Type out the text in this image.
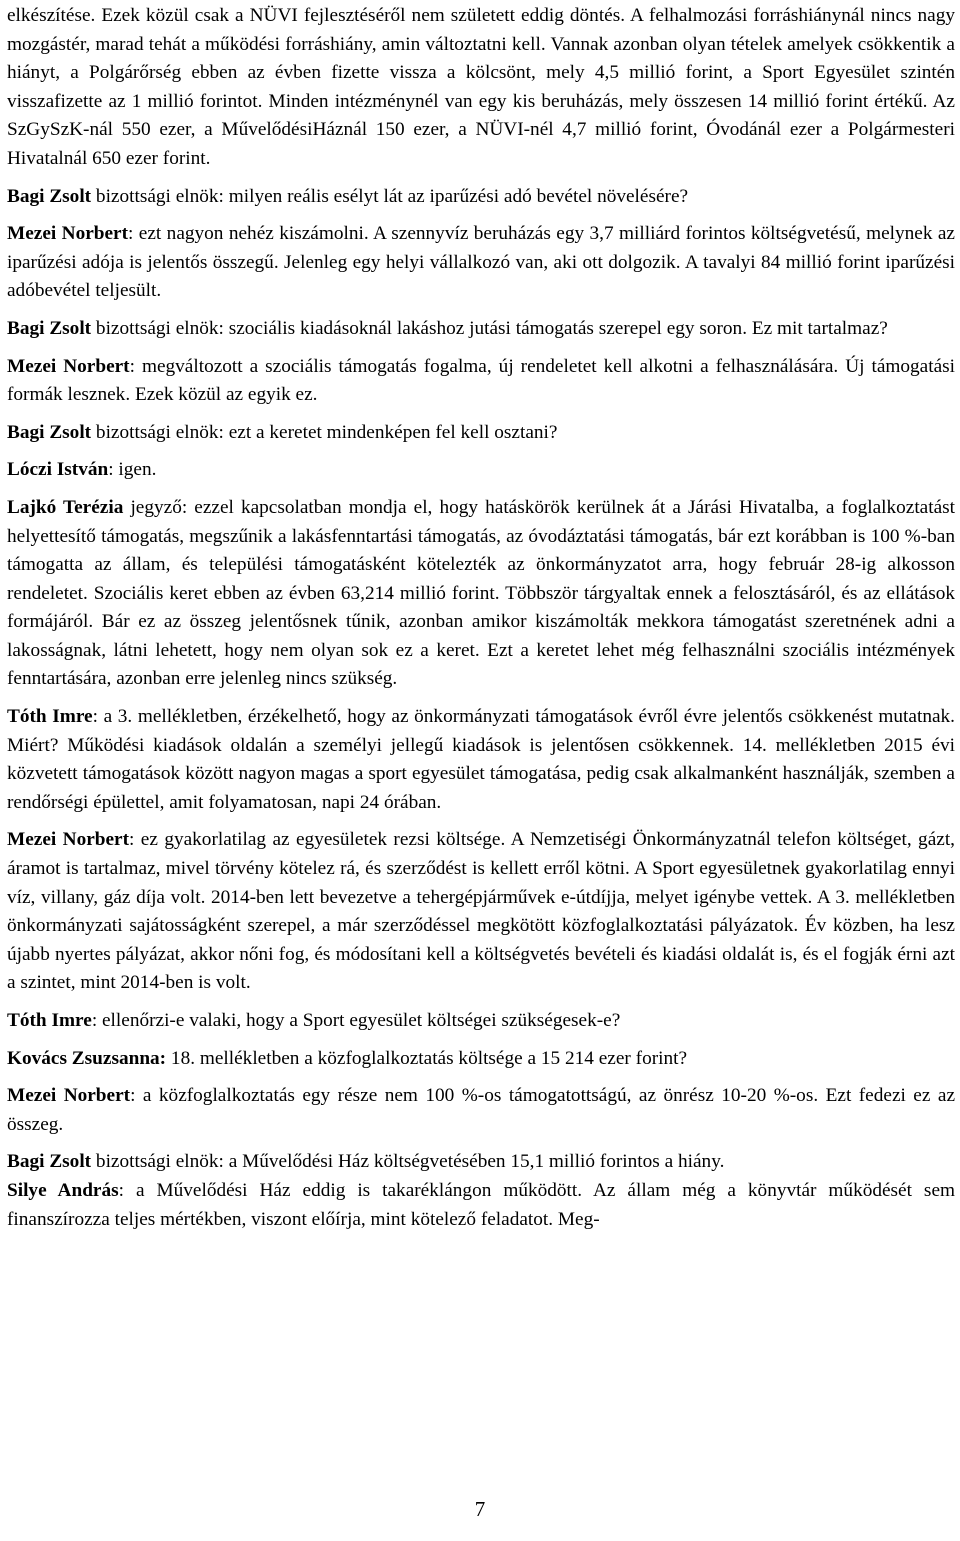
elkészítése. Ezek közül csak a NÜVI fejlesztéséről nem született eddig döntés. A felhalmozási forráshiánynál nincs nagy mozgástér, marad tehát a működési forráshiány, amin változtatni kell. Vannak azonban olyan tételek amelyek csökkentik a hiányt, a Polgárőrség ebben az évben fizette vissza a kölcsönt, mely 4,5 millió forint, a Sport Egyesület szintén visszafizette az 1 millió forintot. Minden intézménynél van egy kis beruházás, mely összesen 14 millió forint értékű. Az SzGySzK-nál 550 ezer, a MűvelődésiHáznál 150 ezer, a NÜVI-nél 4,7 millió forint, Óvodánál ezer a Polgármesteri Hivatalnál 650 ezer forint.

Bagi Zsolt bizottsági elnök: milyen reális esélyt lát az iparűzési adó bevétel növelésére?

Mezei Norbert: ezt nagyon nehéz kiszámolni. A szennyvíz beruházás egy 3,7 milliárd forintos költségvetésű, melynek az iparűzési adója is jelentős összegű. Jelenleg egy helyi vállalkozó van, aki ott dolgozik. A tavalyi 84 millió forint iparűzési adóbevétel teljesült.

Bagi Zsolt bizottsági elnök: szociális kiadásoknál lakáshoz jutási támogatás szerepel egy soron. Ez mit tartalmaz?

Mezei Norbert: megváltozott a szociális támogatás fogalma, új rendeletet kell alkotni a felhasználására. Új támogatási formák lesznek. Ezek közül az egyik ez.

Bagi Zsolt bizottsági elnök: ezt a keretet mindenképen fel kell osztani?

Lóczi István: igen.

Lajkó Terézia jegyző: ezzel kapcsolatban mondja el, hogy hatáskörök kerülnek át a Járási Hivatalba, a foglalkoztatást helyettesítő támogatás, megszűnik a lakásfenntartási támogatás, az óvodáztatási támogatás, bár ezt korábban is 100 %-ban támogatta az állam, és települési támogatásként kötelezték az önkormányzatot arra, hogy február 28-ig alkosson rendeletet. Szociális keret ebben az évben 63,214 millió forint. Többször tárgyaltak ennek a felosztásáról, és az ellátások formájáról. Bár ez az összeg jelentősnek tűnik, azonban amikor kiszámolták mekkora támogatást szeretnének adni a lakosságnak, látni lehetett, hogy nem olyan sok ez a keret. Ezt a keretet lehet még felhasználni szociális intézmények fenntartására, azonban erre jelenleg nincs szükség.

Tóth Imre: a 3. mellékletben, érzékelhető, hogy az önkormányzati támogatások évről évre jelentős csökkenést mutatnak. Miért? Működési kiadások oldalán a személyi jellegű kiadások is jelentősen csökkennek. 14. mellékletben 2015 évi közvetett támogatások között nagyon magas a sport egyesület támogatása, pedig csak alkalmanként használják, szemben a rendőrségi épülettel, amit folyamatosan, napi 24 órában.

Mezei Norbert: ez gyakorlatilag az egyesületek rezsi költsége. A Nemzetiségi Önkormányzatnál telefon költséget, gázt, áramot is tartalmaz, mivel törvény kötelez rá, és szerződést is kellett erről kötni. A Sport egyesületnek gyakorlatilag ennyi víz, villany, gáz díja volt. 2014-ben lett bevezetve a tehergépjárművek e-útdíjja, melyet igénybe vettek. A 3. mellékletben önkormányzati sajátosságként szerepel, a már szerződéssel megkötött közfoglalkoztatási pályázatok. Év közben, ha lesz újabb nyertes pályázat, akkor nőni fog, és módosítani kell a költségvetés bevételi és kiadási oldalát is, és el fogják érni azt a szintet, mint 2014-ben is volt.

Tóth Imre: ellenőrzi-e valaki, hogy a Sport egyesület költségei szükségesek-e?

Kovács Zsuzsanna: 18. mellékletben a közfoglalkoztatás költsége a 15 214 ezer forint?

Mezei Norbert: a közfoglalkoztatás egy része nem 100 %-os támogatottságú, az önrész 10-20 %-os. Ezt fedezi ez az összeg.

Bagi Zsolt bizottsági elnök: a Művelődési Ház költségvetésében 15,1 millió forintos a hiány.

Silye András: a Művelődési Ház eddig is takaréklángon működött. Az állam még a könyvtár működését sem finanszírozza teljes mértékben, viszont előírja, mint kötelező feladatot. Meg-

7
